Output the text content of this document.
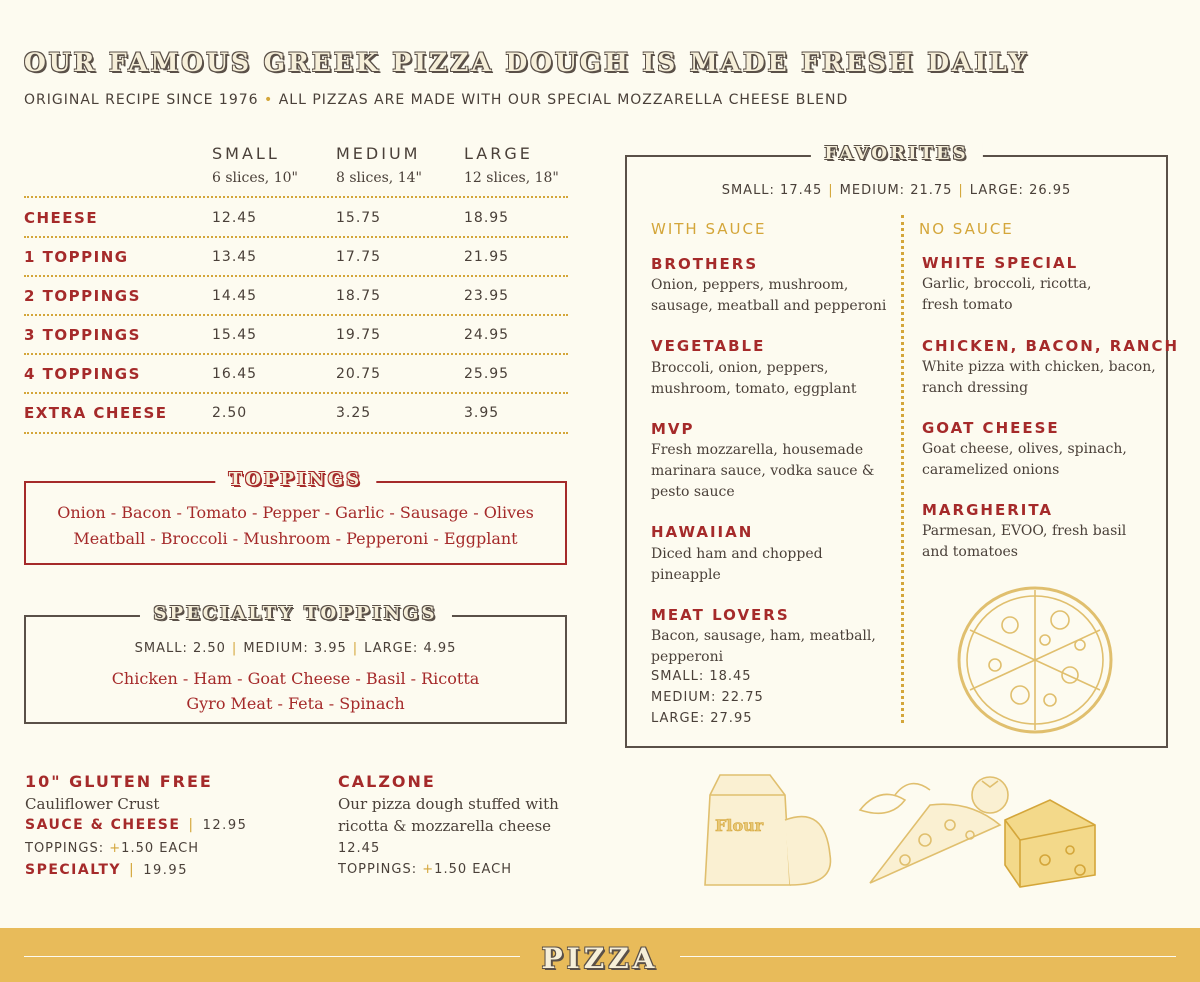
OUR FAMOUS GREEK PIZZA DOUGH IS MADE FRESH DAILY
ORIGINAL RECIPE SINCE 1976 • ALL PIZZAS ARE MADE WITH OUR SPECIAL MOZZARELLA CHEESE BLEND
SMALL	MEDIUM	LARGE
6 slices, 10"	8 slices, 14"	12 slices, 18"
CHEESE	12.45	15.75	18.95
1 TOPPING	13.45	17.75	21.95
2 TOPPINGS	14.45	18.75	23.95
3 TOPPINGS	15.45	19.75	24.95
4 TOPPINGS	16.45	20.75	25.95
EXTRA CHEESE	2.50	3.25	3.95
TOPPINGS
Onion - Bacon - Tomato - Pepper - Garlic - Sausage - Olives
Meatball - Broccoli - Mushroom - Pepperoni - Eggplant
SPECIALTY TOPPINGS
SMALL: 2.50 | MEDIUM: 3.95 | LARGE: 4.95
Chicken - Ham - Goat Cheese - Basil - Ricotta
Gyro Meat - Feta - Spinach
FAVORITES
SMALL: 17.45 | MEDIUM: 21.75 | LARGE: 26.95
WITH SAUCE	NO SAUCE
BROTHERS
Onion, peppers, mushroom,
sausage, meatball and pepperoni
VEGETABLE
Broccoli, onion, peppers,
mushroom, tomato, eggplant
MVP
Fresh mozzarella, housemade
marinara sauce, vodka sauce &
pesto sauce
HAWAIIAN
Diced ham and chopped
pineapple
MEAT LOVERS
Bacon, sausage, ham, meatball,
pepperoni
SMALL: 18.45
MEDIUM: 22.75
LARGE: 27.95
WHITE SPECIAL
Garlic, broccoli, ricotta,
fresh tomato
CHICKEN, BACON, RANCH
White pizza with chicken, bacon,
ranch dressing
GOAT CHEESE
Goat cheese, olives, spinach,
caramelized onions
MARGHERITA
Parmesan, EVOO, fresh basil
and tomatoes
10" GLUTEN FREE
Cauliflower Crust
SAUCE & CHEESE | 12.95
TOPPINGS: +1.50 EACH
SPECIALTY | 19.95
CALZONE
Our pizza dough stuffed with
ricotta & mozzarella cheese
12.45
TOPPINGS: +1.50 EACH
Flour
PIZZA
